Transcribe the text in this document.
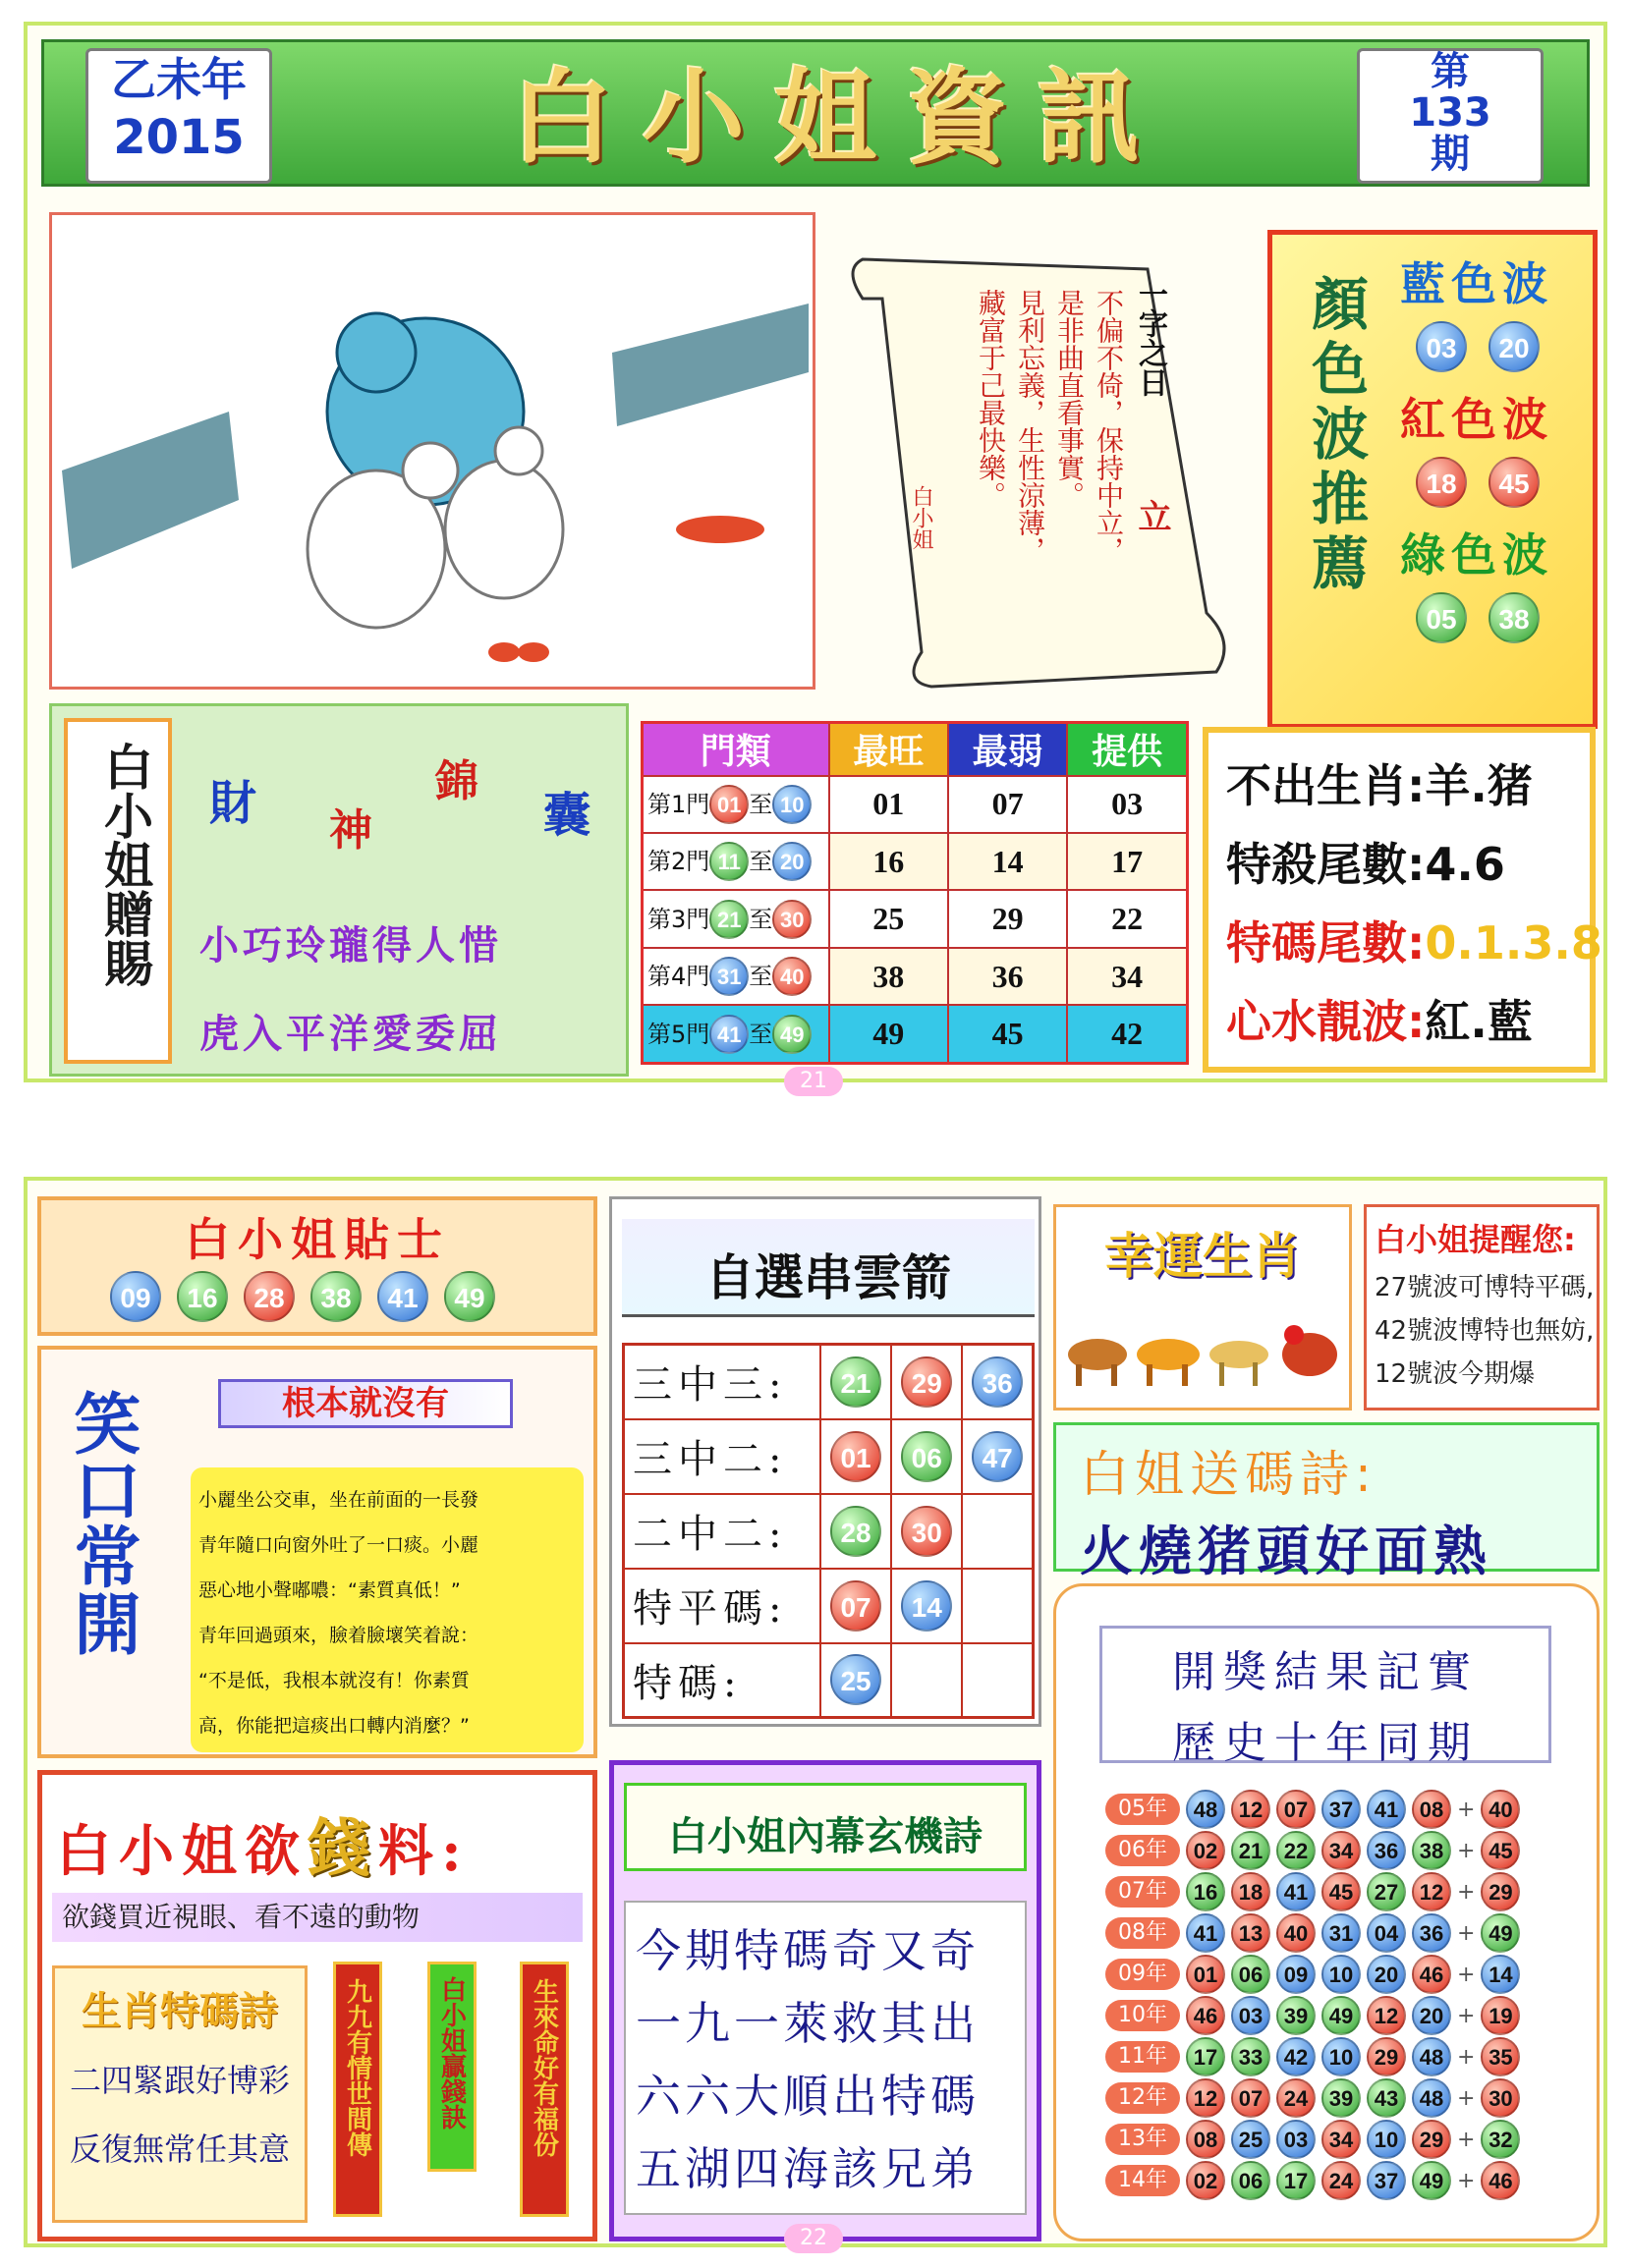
乙未年
2015	白小姐資訊	第
133
期
一字之日
立
不偏不倚，保持中立，
是非曲直看事實。
見利忘義，生性涼薄，
藏富于己最快樂。
白小姐	顏色波推薦 藍色波
03	20
紅色波
18	45
綠色波
05	38
白小姐贈賜 財 神
錦
囊
小巧玲瓏得人惜
虎入平洋愛委屈
門類	最旺	最弱	提供
第1門 01 至 10	01	07	03
第2門 11 至 20	16	14	17
第3門 21 至 30	25	29	22
第4門 31 至 40	38	36	34
第5門 41 至 49	49	45	42
不出生肖:羊.猪
特殺尾數:4.6
特碼尾數:0.1.3.8
心水靚波:紅.藍
21
白小姐貼士
09	16	28	38	41	49
笑口常開	根本就沒有
小麗坐公交車，坐在前面的一長發
青年隨口向窗外吐了一口痰。小麗
惡心地小聲嘟噥：“素質真低！”
青年回過頭來，臉着臉壞笑着說：
“不是低，我根本就沒有！你素質
高，你能把這痰出口轉内消麼？”
白小姐欲錢料:
欲錢買近視眼、看不遠的動物
生肖特碼詩
二四緊跟好博彩
反復無常任其意	九九有情世間傳	白小姐贏錢訣 生來命好有福份
自選串雲箭
三中三:	21	29	36
三中二:	01	06	47
二中二:	28	30	
特平碼:	07	14	
特碼:	25		
白小姐內幕玄機詩
今期特碼奇又奇
一九一萊救其出
六六大順出特碼
五湖四海該兄弟
幸運生肖	白小姐提醒您:
27號波可博特平碼,
42號波博特也無妨,
12號波今期爆
白姐送碼詩:
火燒猪頭好面熟
開獎結果記實
歷史十年同期
05年	48 12 07 37 41 08 + 40
06年	02 21 22 34 36 38 + 45
07年	16 18 41 45 27 12 + 29
08年	41 13 40 31 04 36 + 49
09年	01 06 09 10 20 46 + 14
10年	46 03 39 49 12 20 + 19
11年	17 33 42 10 29 48 + 35
12年	12 07 24 39 43 48 + 30
13年	08 25 03 34 10 29 + 32
14年	02 06 17 24 37 49 + 46
22
